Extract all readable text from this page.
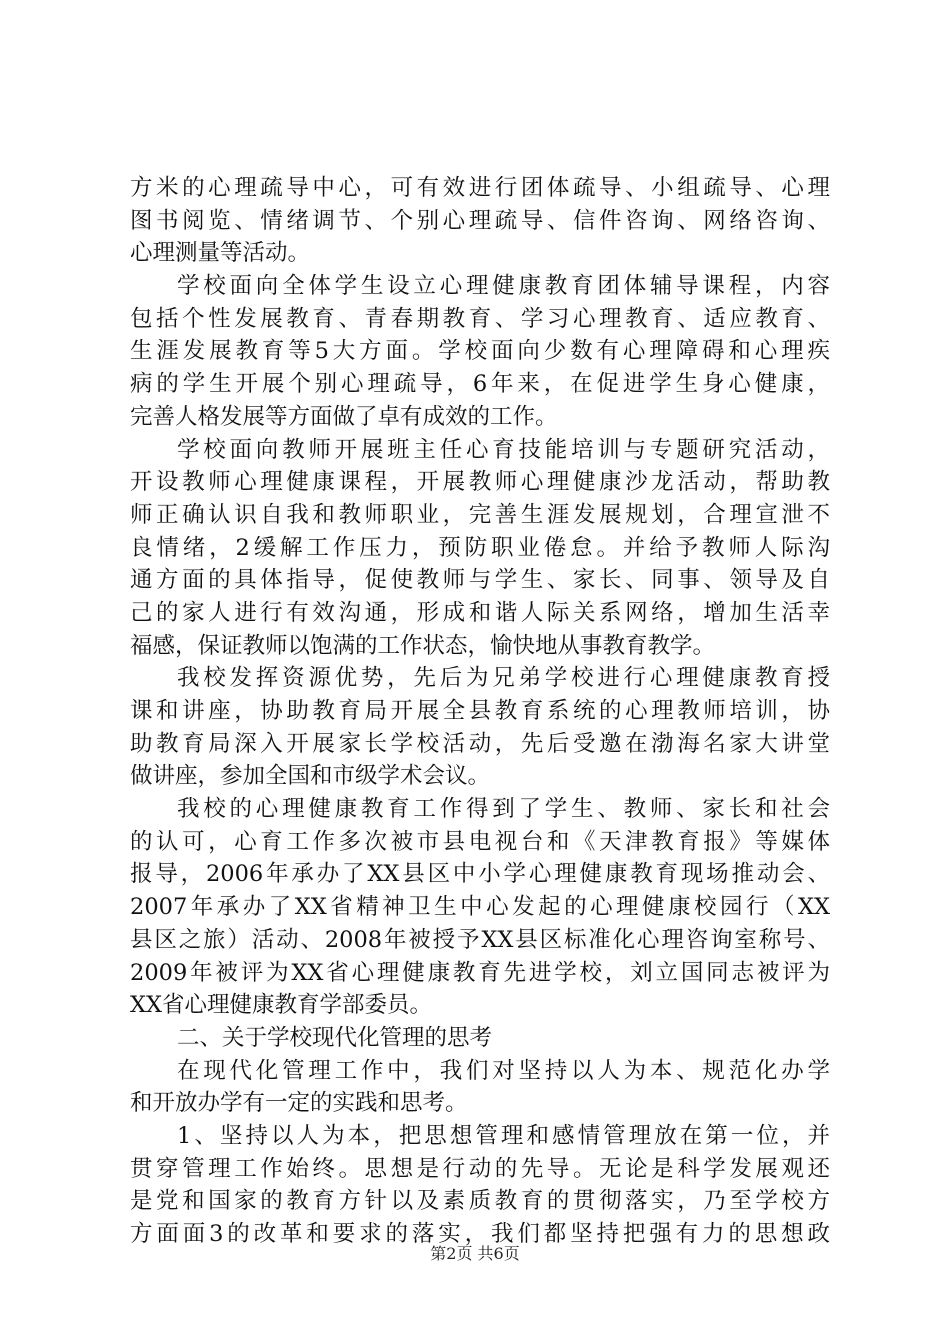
方米的心理疏导中心，可有效进行团体疏导、小组疏导、心理
图书阅览、情绪调节、个别心理疏导、信件咨询、网络咨询、
心理测量等活动。
学校面向全体学生设立心理健康教育团体辅导课程，内容
包括个性发展教育、青春期教育、学习心理教育、适应教育、
生涯发展教育等5大方面。学校面向少数有心理障碍和心理疾
病的学生开展个别心理疏导，6年来，在促进学生身心健康，
完善人格发展等方面做了卓有成效的工作。
学校面向教师开展班主任心育技能培训与专题研究活动，
开设教师心理健康课程，开展教师心理健康沙龙活动，帮助教
师正确认识自我和教师职业，完善生涯发展规划，合理宣泄不
良情绪，2缓解工作压力，预防职业倦怠。并给予教师人际沟
通方面的具体指导，促使教师与学生、家长、同事、领导及自
己的家人进行有效沟通，形成和谐人际关系网络，增加生活幸
福感，保证教师以饱满的工作状态，愉快地从事教育教学。
我校发挥资源优势，先后为兄弟学校进行心理健康教育授
课和讲座，协助教育局开展全县教育系统的心理教师培训，协
助教育局深入开展家长学校活动，先后受邀在渤海名家大讲堂
做讲座，参加全国和市级学术会议。
我校的心理健康教育工作得到了学生、教师、家长和社会
的认可，心育工作多次被市县电视台和《天津教育报》等媒体
报导，2006年承办了XX县区中小学心理健康教育现场推动会、
2007年承办了XX省精神卫生中心发起的心理健康校园行（XX
县区之旅）活动、2008年被授予XX县区标准化心理咨询室称号、
2009年被评为XX省心理健康教育先进学校，刘立国同志被评为
XX省心理健康教育学部委员。
二、关于学校现代化管理的思考
在现代化管理工作中，我们对坚持以人为本、规范化办学
和开放办学有一定的实践和思考。
1、坚持以人为本，把思想管理和感情管理放在第一位，并
贯穿管理工作始终。思想是行动的先导。无论是科学发展观还
是党和国家的教育方针以及素质教育的贯彻落实，乃至学校方
方面面3的改革和要求的落实，我们都坚持把强有力的思想政
第2页 共6页
